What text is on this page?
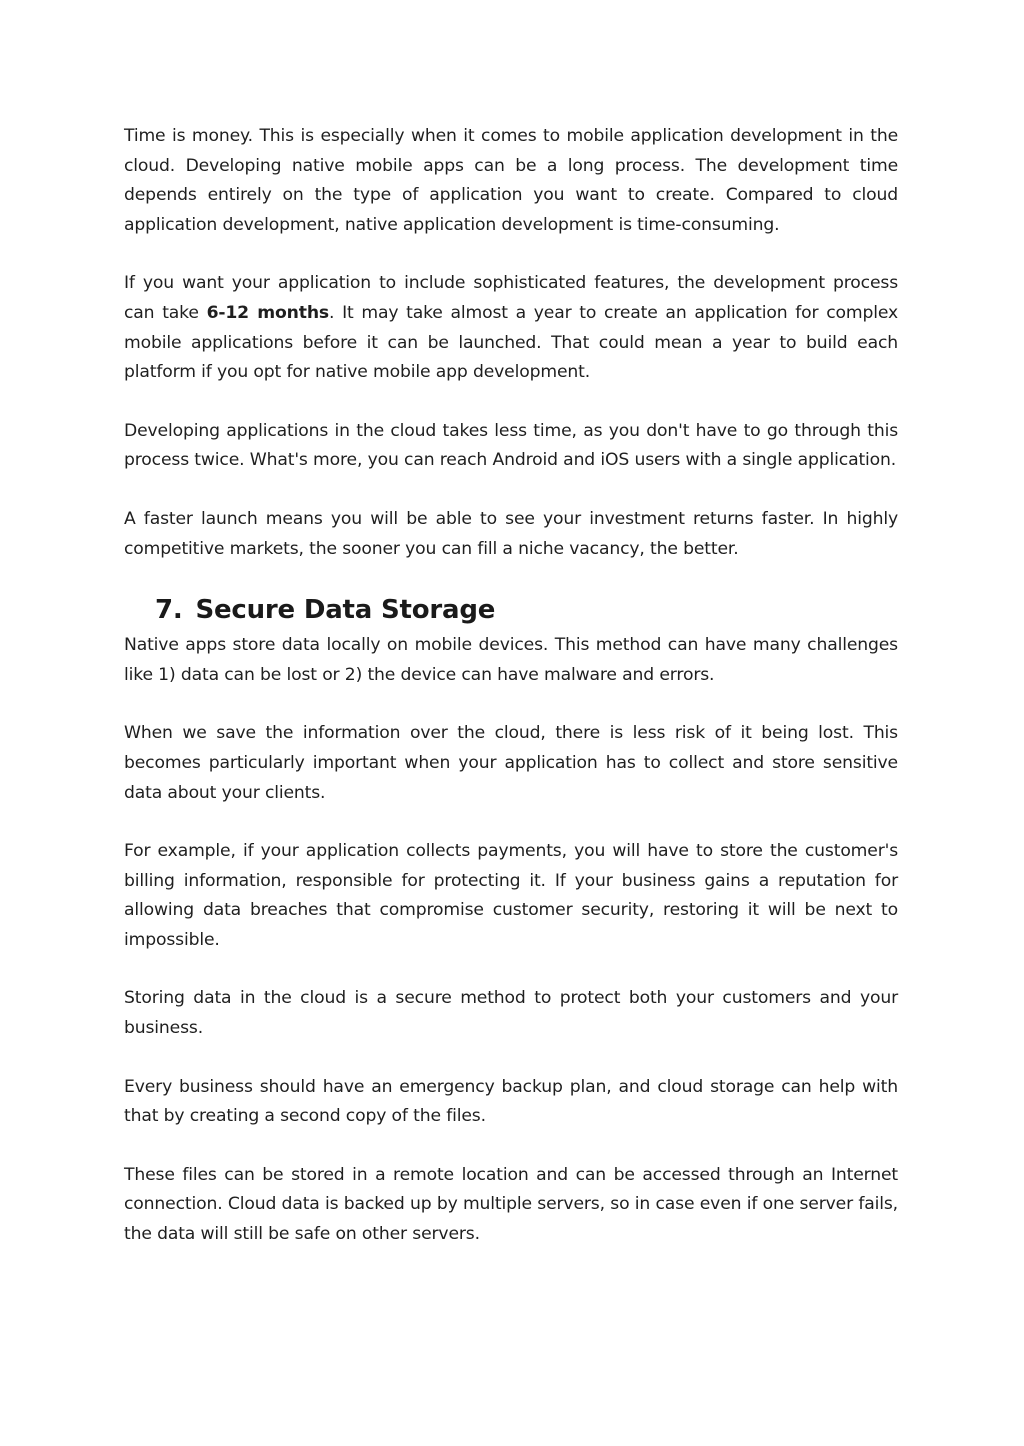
Time is money. This is especially when it comes to mobile application development in the cloud. Developing native mobile apps can be a long process. The development time depends entirely on the type of application you want to create. Compared to cloud application development, native application development is time-consuming.

If you want your application to include sophisticated features, the development process can take 6-12 months. It may take almost a year to create an application for complex mobile applications before it can be launched. That could mean a year to build each platform if you opt for native mobile app development.

Developing applications in the cloud takes less time, as you don't have to go through this process twice. What's more, you can reach Android and iOS users with a single application.

A faster launch means you will be able to see your investment returns faster. In highly competitive markets, the sooner you can fill a niche vacancy, the better.

7. Secure Data Storage

Native apps store data locally on mobile devices. This method can have many challenges like 1) data can be lost or 2) the device can have malware and errors.

When we save the information over the cloud, there is less risk of it being lost. This becomes particularly important when your application has to collect and store sensitive data about your clients.

For example, if your application collects payments, you will have to store the customer's billing information, responsible for protecting it. If your business gains a reputation for allowing data breaches that compromise customer security, restoring it will be next to impossible.

Storing data in the cloud is a secure method to protect both your customers and your business.

Every business should have an emergency backup plan, and cloud storage can help with that by creating a second copy of the files.

These files can be stored in a remote location and can be accessed through an Internet connection. Cloud data is backed up by multiple servers, so in case even if one server fails, the data will still be safe on other servers.
